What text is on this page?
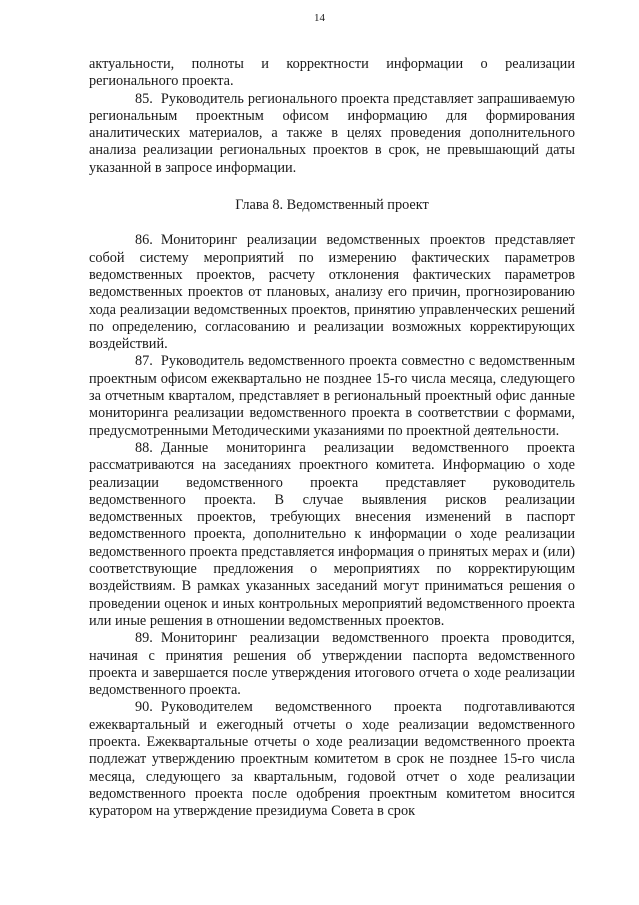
14

актуальности, полноты и корректности информации о реализации регионального проекта.

85. Руководитель регионального проекта представляет запрашиваемую региональным проектным офисом информацию для формирования аналитических материалов, а также в целях проведения дополнительного анализа реализации региональных проектов в срок, не превышающий даты указанной в запросе информации.

Глава 8. Ведомственный проект

86. Мониторинг реализации ведомственных проектов представляет собой систему мероприятий по измерению фактических параметров ведомственных проектов, расчету отклонения фактических параметров ведомственных проектов от плановых, анализу его причин, прогнозированию хода реализации ведомственных проектов, принятию управленческих решений по определению, согласованию и реализации возможных корректирующих воздействий.

87. Руководитель ведомственного проекта совместно с ведомственным проектным офисом ежеквартально не позднее 15-го числа месяца, следующего за отчетным кварталом, представляет в региональный проектный офис данные мониторинга реализации ведомственного проекта в соответствии с формами, предусмотренными Методическими указаниями по проектной деятельности.

88. Данные мониторинга реализации ведомственного проекта рассматриваются на заседаниях проектного комитета. Информацию о ходе реализации ведомственного проекта представляет руководитель ведомственного проекта. В случае выявления рисков реализации ведомственных проектов, требующих внесения изменений в паспорт ведомственного проекта, дополнительно к информации о ходе реализации ведомственного проекта представляется информация о принятых мерах и (или) соответствующие предложения о мероприятиях по корректирующим воздействиям. В рамках указанных заседаний могут приниматься решения о проведении оценок и иных контрольных мероприятий ведомственного проекта или иные решения в отношении ведомственных проектов.

89. Мониторинг реализации ведомственного проекта проводится, начиная с принятия решения об утверждении паспорта ведомственного проекта и завершается после утверждения итогового отчета о ходе реализации ведомственного проекта.

90. Руководителем ведомственного проекта подготавливаются ежеквартальный и ежегодный отчеты о ходе реализации ведомственного проекта. Ежеквартальные отчеты о ходе реализации ведомственного проекта подлежат утверждению проектным комитетом в срок не позднее 15-го числа месяца, следующего за квартальным, годовой отчет о ходе реализации ведомственного проекта после одобрения проектным комитетом вносится куратором на утверждение президиума Совета в срок
